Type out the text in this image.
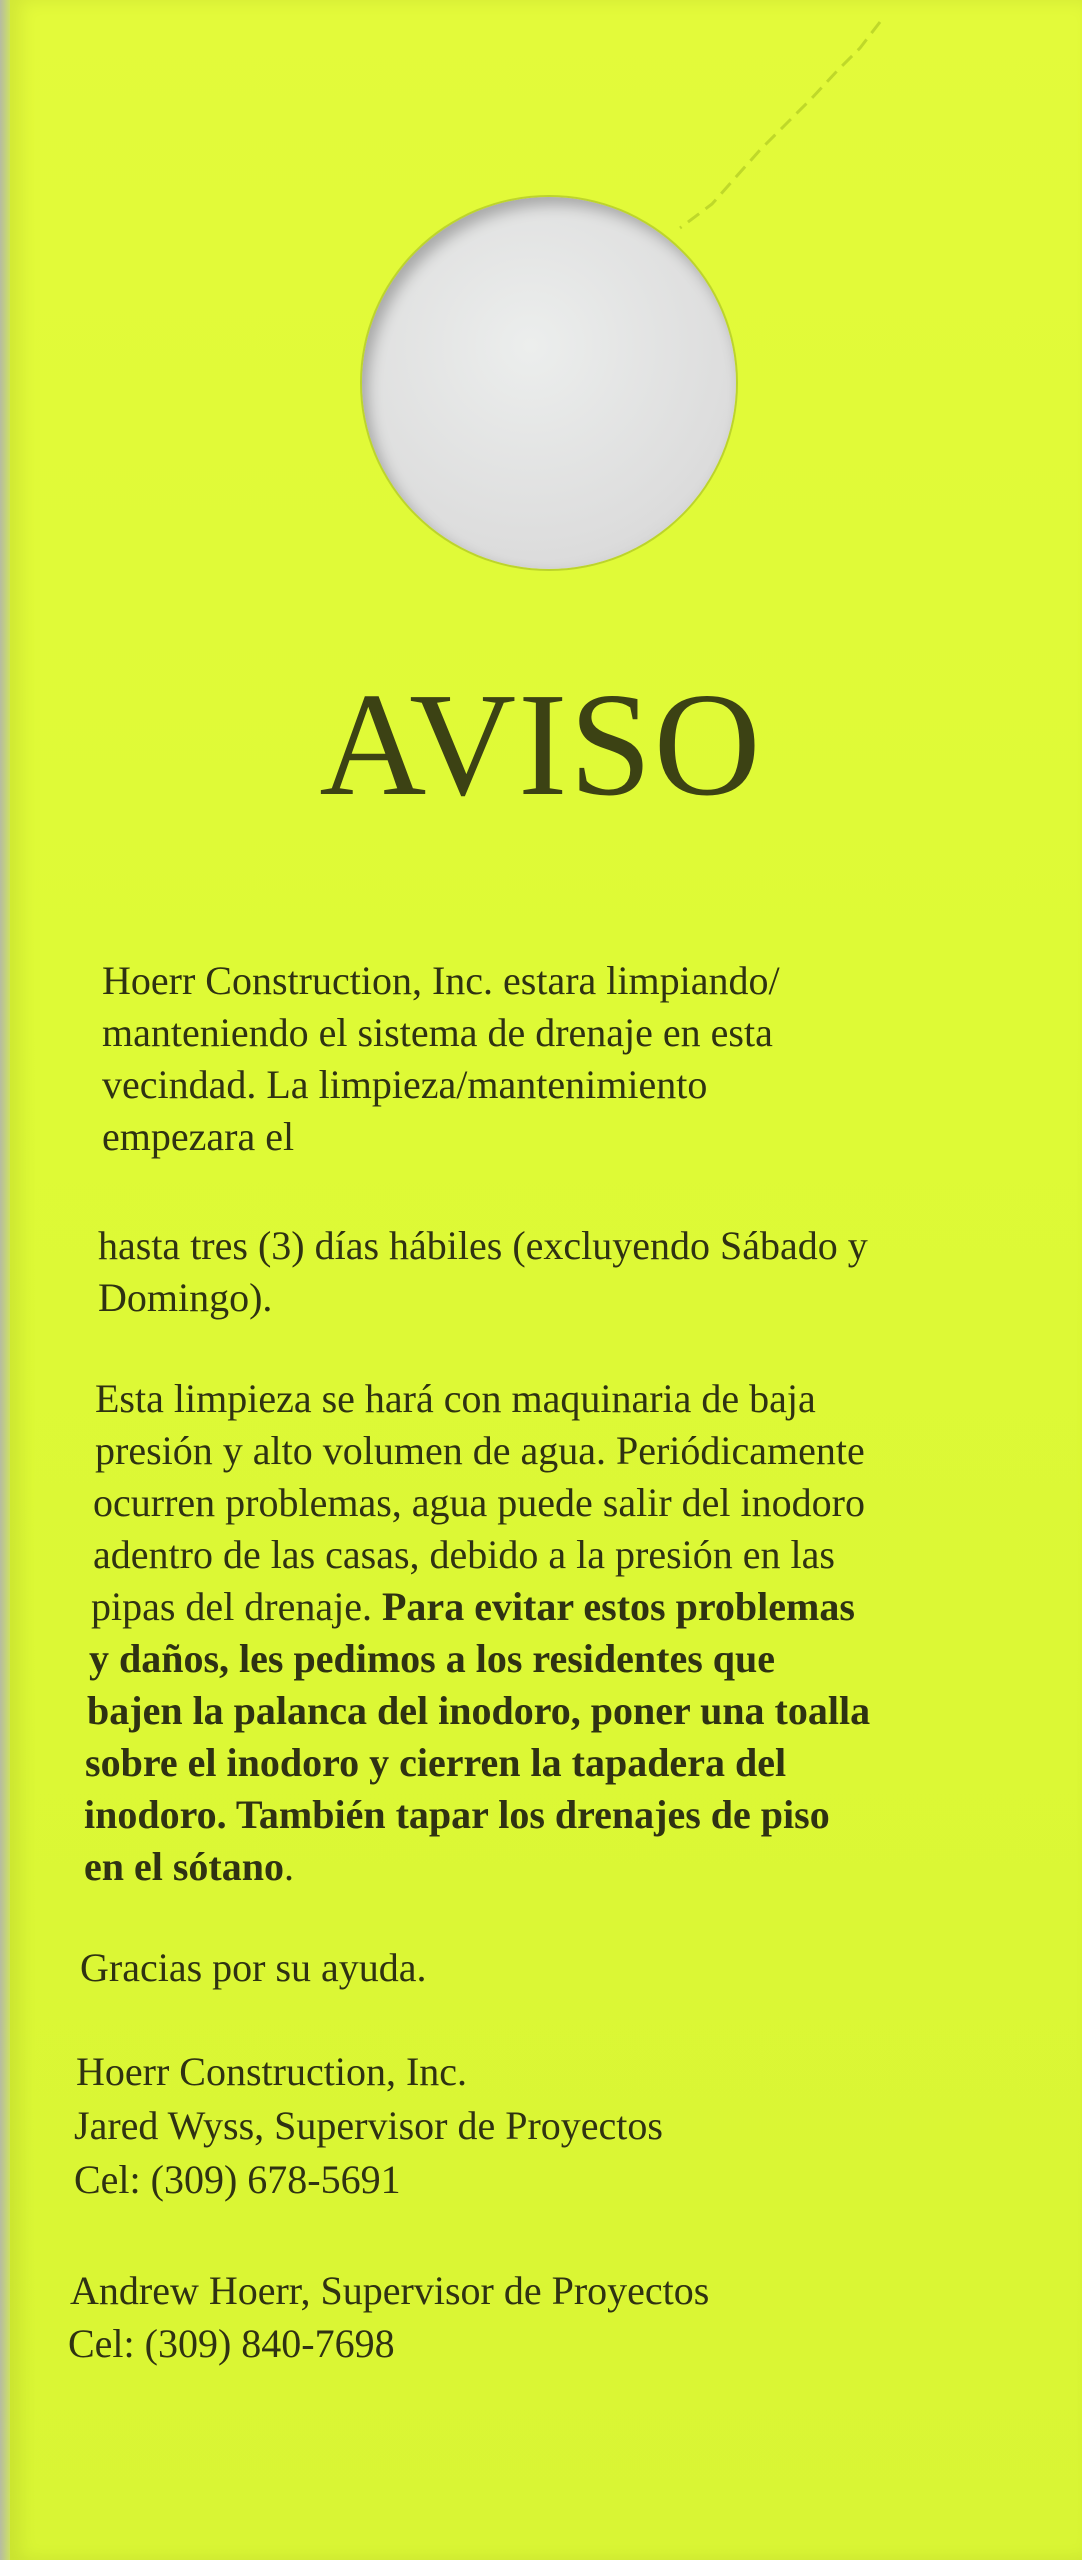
AVISO
Hoerr Construction, Inc. estara limpiando/
manteniendo el sistema de drenaje en esta
vecindad. La limpieza/mantenimiento
empezara el
hasta tres (3) días hábiles (excluyendo Sábado y
Domingo).
Esta limpieza se hará con maquinaria de baja
presión y alto volumen de agua. Periódicamente
ocurren problemas, agua puede salir del inodoro
adentro de las casas, debido a la presión en las
pipas del drenaje. Para evitar estos problemas
y daños, les pedimos a los residentes que
bajen la palanca del inodoro, poner una toalla
sobre el inodoro y cierren la tapadera del
inodoro. También tapar los drenajes de piso
en el sótano.
Gracias por su ayuda.
Hoerr Construction, Inc.
Jared Wyss, Supervisor de Proyectos
Cel: (309) 678-5691
Andrew Hoerr, Supervisor de Proyectos
Cel: (309) 840-7698
